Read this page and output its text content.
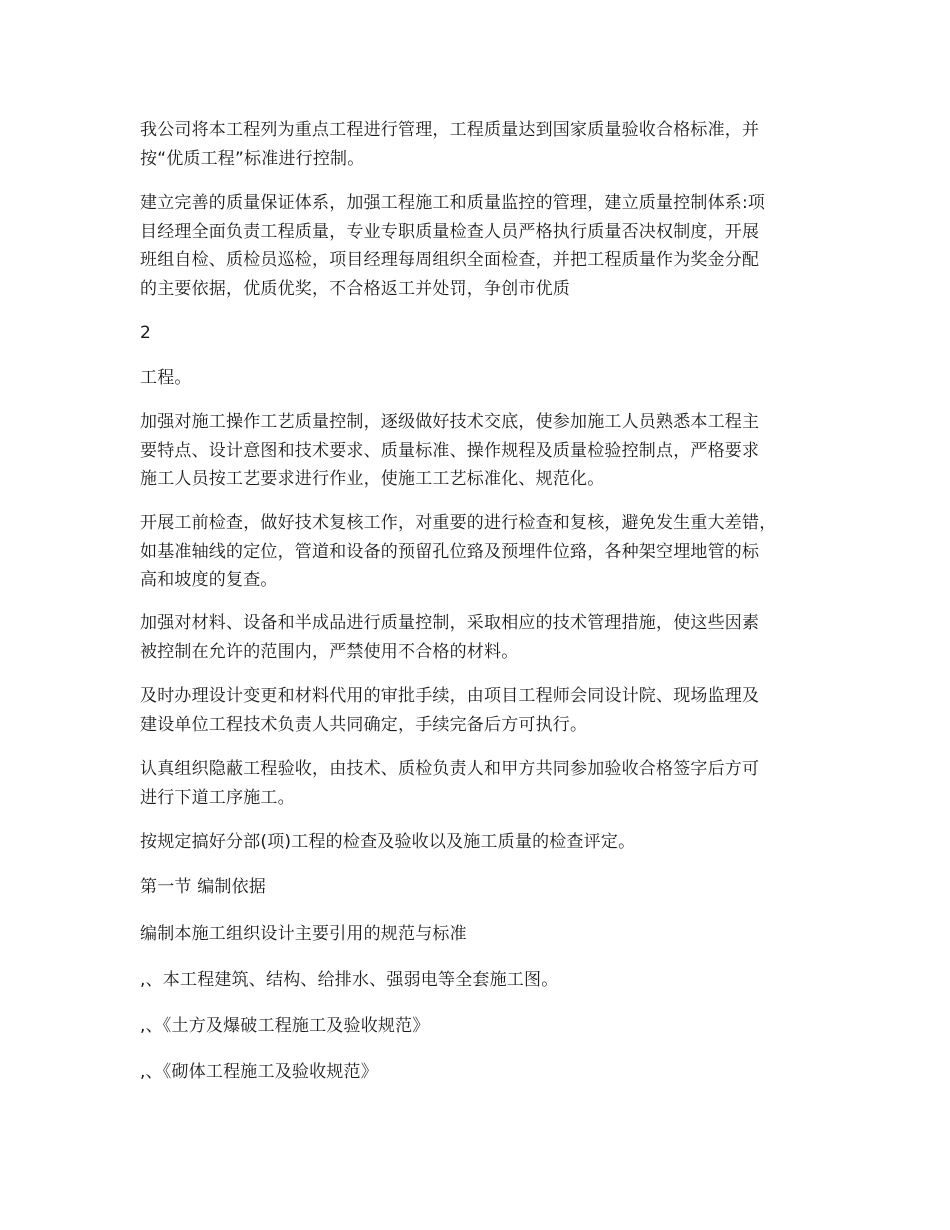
我公司将本工程列为重点工程进行管理，工程质量达到国家质量验收合格标准，并
按“优质工程”标准进行控制。

建立完善的质量保证体系，加强工程施工和质量监控的管理，建立质量控制体系:项
目经理全面负责工程质量，专业专职质量检查人员严格执行质量否决权制度，开展
班组自检、质检员巡检，项目经理每周组织全面检查，并把工程质量作为奖金分配
的主要依据，优质优奖，不合格返工并处罚，争创市优质

2

工程。

加强对施工操作工艺质量控制，逐级做好技术交底，使参加施工人员熟悉本工程主
要特点、设计意图和技术要求、质量标准、操作规程及质量检验控制点，严格要求
施工人员按工艺要求进行作业，使施工工艺标准化、规范化。

开展工前检查，做好技术复核工作，对重要的进行检查和复核，避免发生重大差错，
如基准轴线的定位，管道和设备的预留孔位臵及预埋件位臵，各种架空埋地管的标
高和坡度的复查。

加强对材料、设备和半成品进行质量控制，采取相应的技术管理措施，使这些因素
被控制在允许的范围内，严禁使用不合格的材料。

及时办理设计变更和材料代用的审批手续，由项目工程师会同设计院、现场监理及
建设单位工程技术负责人共同确定，手续完备后方可执行。

认真组织隐蔽工程验收，由技术、质检负责人和甲方共同参加验收合格签字后方可
进行下道工序施工。

按规定搞好分部(项)工程的检查及验收以及施工质量的检查评定。

第一节 编制依据

编制本施工组织设计主要引用的规范与标准

,、本工程建筑、结构、给排水、强弱电等全套施工图。

,、《土方及爆破工程施工及验收规范》

,、《砌体工程施工及验收规范》
